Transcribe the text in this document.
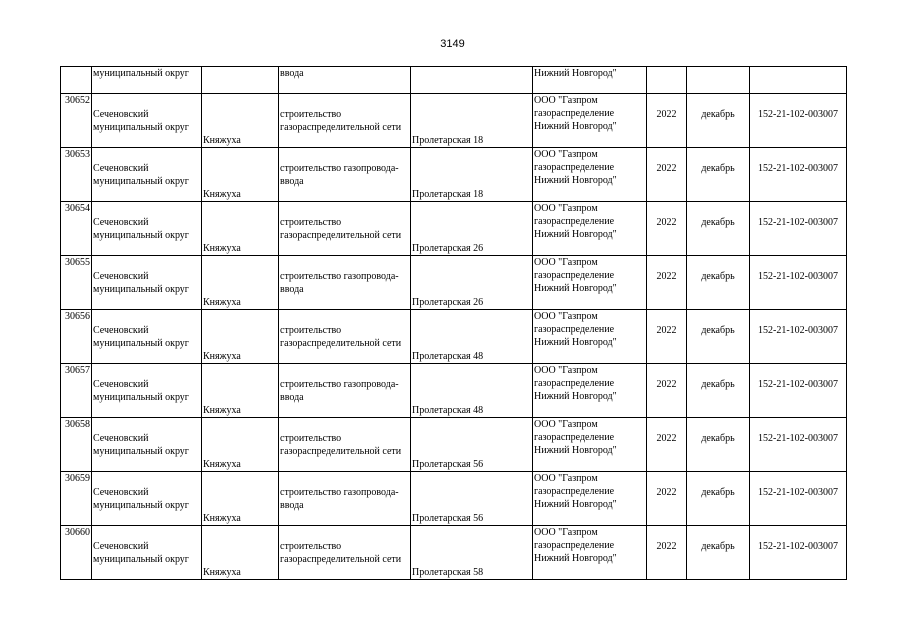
3149

	муниципальный округ		ввода		Нижний Новгород"			

30652	Сеченовский
муниципальный округ	Княжуха	строительство
газораспределительной сети	Пролетарская 18	ООО "Газпром
газораспределение
Нижний Новгород"	2022	декабрь	152-21-102-003007

30653	Сеченовский
муниципальный округ	Княжуха	строительство газопровода-
ввода	Пролетарская 18	ООО "Газпром
газораспределение
Нижний Новгород"	2022	декабрь	152-21-102-003007

30654	Сеченовский
муниципальный округ	Княжуха	строительство
газораспределительной сети	Пролетарская 26	ООО "Газпром
газораспределение
Нижний Новгород"	2022	декабрь	152-21-102-003007

30655	Сеченовский
муниципальный округ	Княжуха	строительство газопровода-
ввода	Пролетарская 26	ООО "Газпром
газораспределение
Нижний Новгород"	2022	декабрь	152-21-102-003007

30656	Сеченовский
муниципальный округ	Княжуха	строительство
газораспределительной сети	Пролетарская 48	ООО "Газпром
газораспределение
Нижний Новгород"	2022	декабрь	152-21-102-003007

30657	Сеченовский
муниципальный округ	Княжуха	строительство газопровода-
ввода	Пролетарская 48	ООО "Газпром
газораспределение
Нижний Новгород"	2022	декабрь	152-21-102-003007

30658	Сеченовский
муниципальный округ	Княжуха	строительство
газораспределительной сети	Пролетарская 56	ООО "Газпром
газораспределение
Нижний Новгород"	2022	декабрь	152-21-102-003007

30659	Сеченовский
муниципальный округ	Княжуха	строительство газопровода-
ввода	Пролетарская 56	ООО "Газпром
газораспределение
Нижний Новгород"	2022	декабрь	152-21-102-003007

30660	Сеченовский
муниципальный округ	Княжуха	строительство
газораспределительной сети	Пролетарская 58	ООО "Газпром
газораспределение
Нижний Новгород"	2022	декабрь	152-21-102-003007
